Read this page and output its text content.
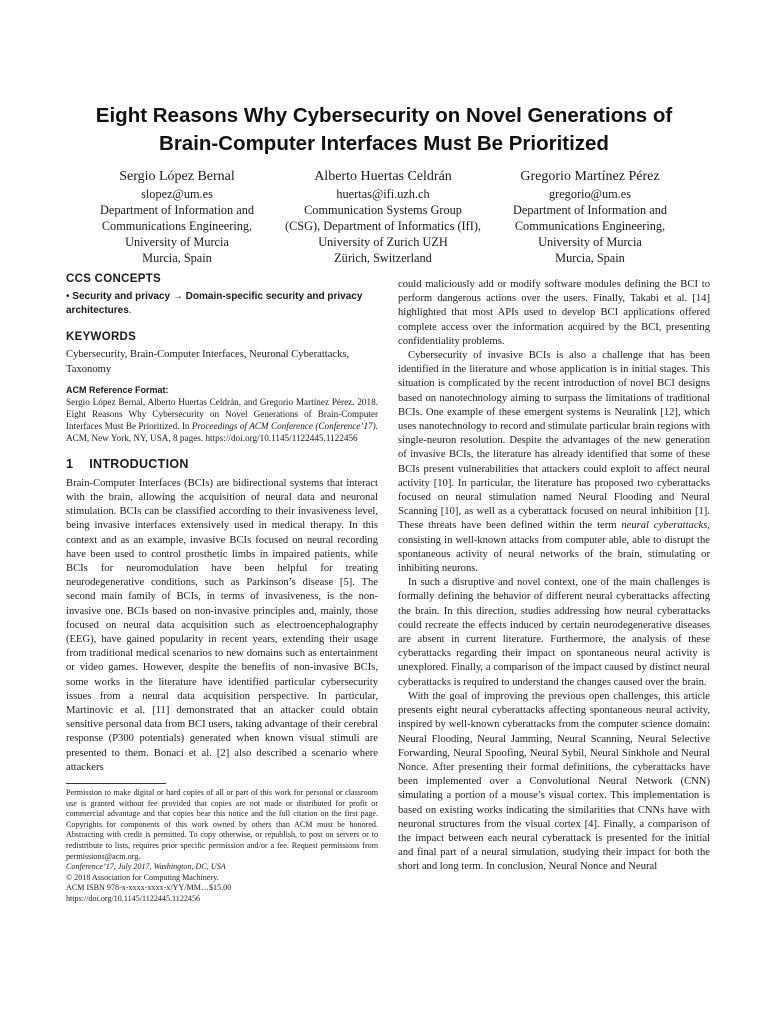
Eight Reasons Why Cybersecurity on Novel Generations of
Brain-Computer Interfaces Must Be Prioritized
Sergio López Bernal
slopez@um.es
Department of Information and
Communications Engineering,
University of Murcia
Murcia, Spain
Alberto Huertas Celdrán
huertas@ifi.uzh.ch
Communication Systems Group
(CSG), Department of Informatics (IfI),
University of Zurich UZH
Zürich, Switzerland
Gregorio Martínez Pérez
gregorio@um.es
Department of Information and
Communications Engineering,
University of Murcia
Murcia, Spain
CCS CONCEPTS
• Security and privacy → Domain-specific security and privacy architectures.
KEYWORDS

Cybersecurity, Brain-Computer Interfaces, Neuronal Cyberattacks, Taxonomy

ACM Reference Format:
Sergio López Bernal, Alberto Huertas Celdrán, and Gregorio Martínez Pérez. 2018. Eight Reasons Why Cybersecurity on Novel Generations of Brain-Computer Interfaces Must Be Prioritized. In Proceedings of ACM Conference (Conference’17). ACM, New York, NY, USA, 8 pages. https://doi.org/10.1145/1122445.1122456
1 INTRODUCTION

Brain-Computer Interfaces (BCIs) are bidirectional systems that interact with the brain, allowing the acquisition of neural data and neuronal stimulation. BCIs can be classified according to their invasiveness level, being invasive interfaces extensively used in medical therapy. In this context and as an example, invasive BCIs focused on neural recording have been used to control prosthetic limbs in impaired patients, while BCIs for neuromodulation have been helpful for treating neurodegenerative conditions, such as Parkinson’s disease [5]. The second main family of BCIs, in terms of invasiveness, is the non-invasive one. BCIs based on non-invasive principles and, mainly, those focused on neural data acquisition such as electroencephalography (EEG), have gained popularity in recent years, extending their usage from traditional medical scenarios to new domains such as entertainment or video games. However, despite the benefits of non-invasive BCIs, some works in the literature have identified particular cybersecurity issues from a neural data acquisition perspective. In particular, Martinovic et al. [11] demonstrated that an attacker could obtain sensitive personal data from BCI users, taking advantage of their cerebral response (P300 potentials) generated when known visual stimuli are presented to them. Bonaci et al. [2] also described a scenario where attackers

Permission to make digital or hard copies of all or part of this work for personal or classroom use is granted without fee provided that copies are not made or distributed for profit or commercial advantage and that copies bear this notice and the full citation on the first page. Copyrights for components of this work owned by others than ACM must be honored. Abstracting with credit is permitted. To copy otherwise, or republish, to post on servers or to redistribute to lists, requires prior specific permission and/or a fee. Request permissions from permissions@acm.org.
Conference’17, July 2017, Washington, DC, USA
© 2018 Association for Computing Machinery.
ACM ISBN 978-x-xxxx-xxxx-x/YY/MM…$15.00
https://doi.org/10.1145/1122445.1122456

could maliciously add or modify software modules defining the BCI to perform dangerous actions over the users. Finally, Takabi et al. [14] highlighted that most APIs used to develop BCI applications offered complete access over the information acquired by the BCI, presenting confidentiality problems.

Cybersecurity of invasive BCIs is also a challenge that has been identified in the literature and whose application is in initial stages. This situation is complicated by the recent introduction of novel BCI designs based on nanotechnology aiming to surpass the limitations of traditional BCIs. One example of these emergent systems is Neuralink [12], which uses nanotechnology to record and stimulate particular brain regions with single-neuron resolution. Despite the advantages of the new generation of invasive BCIs, the literature has already identified that some of these BCIs present vulnerabilities that attackers could exploit to affect neural activity [10]. In particular, the literature has proposed two cyberattacks focused on neural stimulation named Neural Flooding and Neural Scanning [10], as well as a cyberattack focused on neural inhibition [1]. These threats have been defined within the term neural cyberattacks, consisting in well-known attacks from computer able, able to disrupt the spontaneous activity of neural networks of the brain, stimulating or inhibiting neurons.

In such a disruptive and novel context, one of the main challenges is formally defining the behavior of different neural cyberattacks affecting the brain. In this direction, studies addressing how neural cyberattacks could recreate the effects induced by certain neurodegenerative diseases are absent in current literature. Furthermore, the analysis of these cyberattacks regarding their impact on spontaneous neural activity is unexplored. Finally, a comparison of the impact caused by distinct neural cyberattacks is required to understand the changes caused over the brain.

With the goal of improving the previous open challenges, this article presents eight neural cyberattacks affecting spontaneous neural activity, inspired by well-known cyberattacks from the computer science domain: Neural Flooding, Neural Jamming, Neural Scanning, Neural Selective Forwarding, Neural Spoofing, Neural Sybil, Neural Sinkhole and Neural Nonce. After presenting their formal definitions, the cyberattacks have been implemented over a Convolutional Neural Network (CNN) simulating a portion of a mouse’s visual cortex. This implementation is based on existing works indicating the similarities that CNNs have with neuronal structures from the visual cortex [4]. Finally, a comparison of the impact between each neural cyberattack is presented for the initial and final part of a neural simulation, studying their impact for both the short and long term. In conclusion, Neural Nonce and Neural
